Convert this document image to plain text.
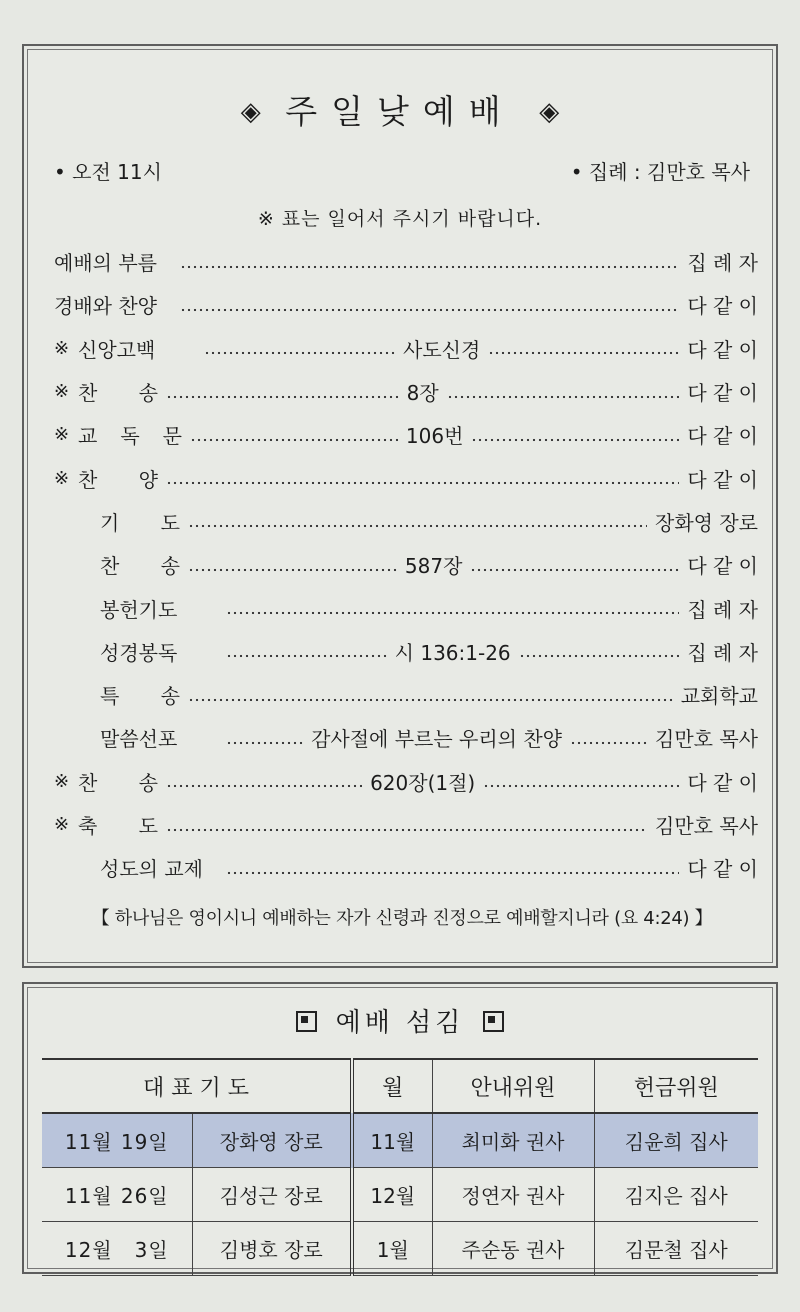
◈ 주일낮예배 ◈
• 오전 11시	• 집례 : 김만호 목사
※ 표는 일어서 주시기 바랍니다.
예배의 부름	집 례 자
경배와 찬양	다 같 이
※ 신앙고백	사도신경	다 같 이
※ 찬 송	8장	다 같 이
※ 교 독 문	106번	다 같 이
※ 찬 양	다 같 이
기 도	장화영 장로
찬 송	587장	다 같 이
봉헌기도	집 례 자
성경봉독	시 136:1-26	집 례 자
특 송	교회학교
말씀선포	감사절에 부르는 우리의 찬양	김만호 목사
※ 찬 송	620장(1절)	다 같 이
※ 축 도	김만호 목사
성도의 교제	다 같 이
【 하나님은 영이시니 예배하는 자가 신령과 진정으로 예배할지니라 (요 4:24) 】
예배 섬김
대 표 기 도		월	안내위원	헌금위원
11월 19일	장화영 장로	11월	최미화 권사	김윤희 집사
11월 26일	김성근 장로	12월	정연자 권사	김지은 집사
12월 3일	김병호 장로	1월	주순동 권사	김문철 집사
